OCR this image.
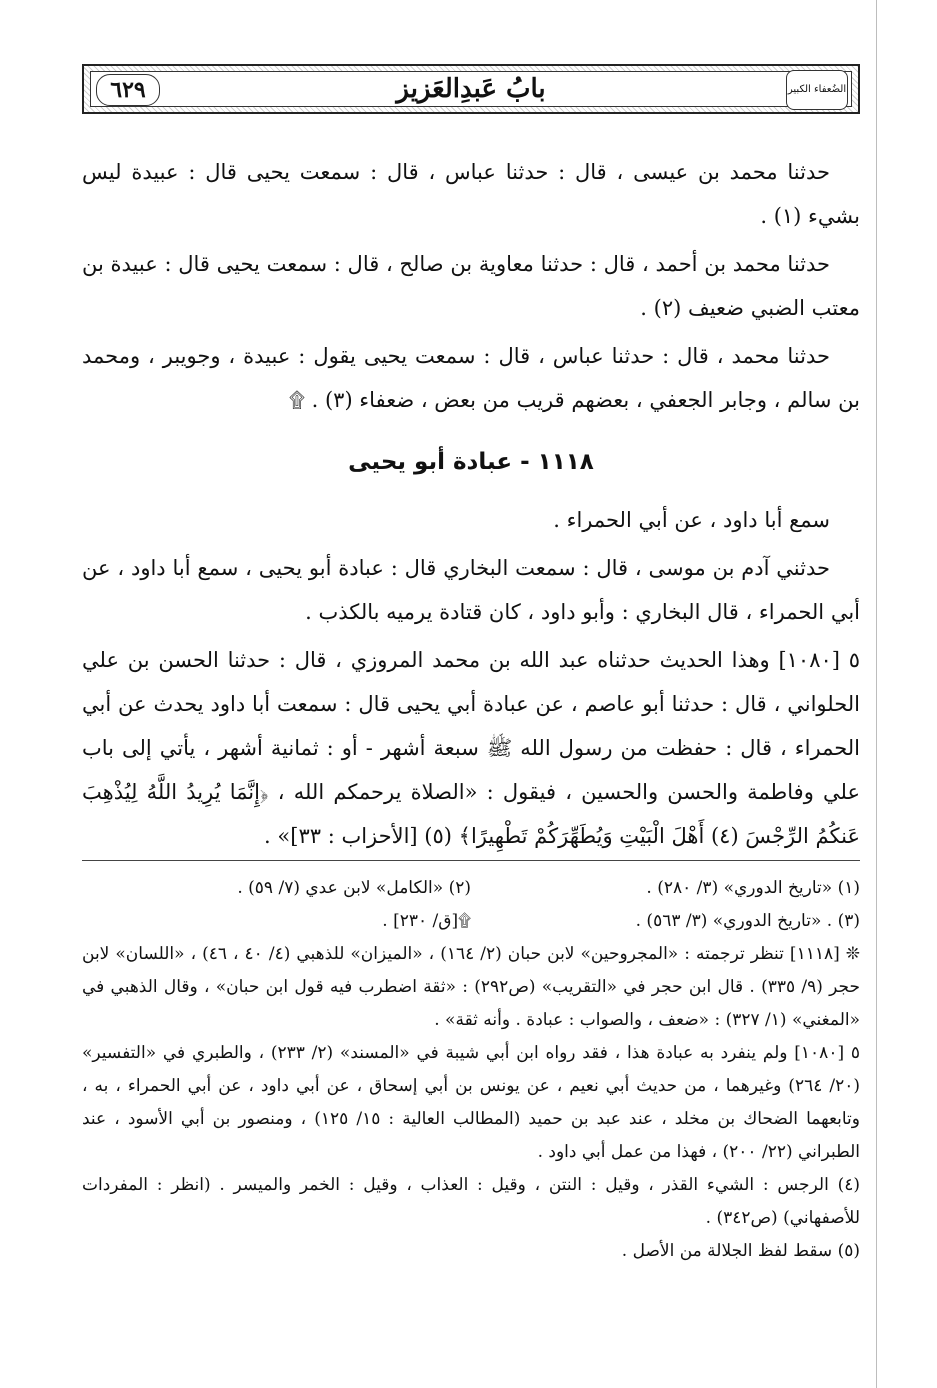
٦٢٩	بابُ عَبدِالعَزيز	الضُعفاء الكبير

حدثنا محمد بن عيسى ، قال : حدثنا عباس ، قال : سمعت يحيى قال : عبيدة ليس بشيء (١) .

حدثنا محمد بن أحمد ، قال : حدثنا معاوية بن صالح ، قال : سمعت يحيى قال : عبيدة بن معتب الضبي ضعيف (٢) .

حدثنا محمد ، قال : حدثنا عباس ، قال : سمعت يحيى يقول : عبيدة ، وجويبر ، ومحمد بن سالم ، وجابر الجعفي ، بعضهم قريب من بعض ، ضعفاء (٣) . ۩

١١١٨ - عبادة أبو يحيى

سمع أبا داود ، عن أبي الحمراء .

حدثني آدم بن موسى ، قال : سمعت البخاري قال : عبادة أبو يحيى ، سمع أبا داود ، عن أبي الحمراء ، قال البخاري : وأبو داود ، كان قتادة يرميه بالكذب .

٥ [١٠٨٠] وهذا الحديث حدثناه عبد الله بن محمد المروزي ، قال : حدثنا الحسن بن علي الحلواني ، قال : حدثنا أبو عاصم ، عن عبادة أبي يحيى قال : سمعت أبا داود يحدث عن أبي الحمراء ، قال : حفظت من رسول الله ﷺ سبعة أشهر - أو : ثمانية أشهر ، يأتي إلى باب علي وفاطمة والحسن والحسين ، فيقول : «الصلاة يرحمكم الله ، ﴿إِنَّمَا يُرِيدُ اللَّهُ لِيُذْهِبَ عَنكُمُ الرِّجْسَ (٤) أَهْلَ الْبَيْتِ وَيُطَهِّرَكُمْ تَطْهِيرًا﴾ (٥) [الأحزاب : ٣٣]» .

(١) «تاريخ الدوري» (٣/ ٢٨٠) .
(٢) «الكامل» لابن عدي (٧/ ٥٩) .
(٣) . «تاريخ الدوري» (٣/ ٥٦٣) .
۩[ق/ ٢٣٠] .

❊ [١١١٨] تنظر ترجمته : «المجروحين» لابن حبان (٢/ ١٦٤) ، «الميزان» للذهبي (٤/ ٤٠ ، ٤٦) ، «اللسان» لابن حجر (٩/ ٣٣٥) . قال ابن حجر في «التقريب» (ص٢٩٢) : «ثقة اضطرب فيه قول ابن حبان» ، وقال الذهبي في «المغني» (١/ ٣٢٧) : «ضعف ، والصواب : عبادة . وأنه ثقة» .

٥ [١٠٨٠] ولم ينفرد به عبادة هذا ، فقد رواه ابن أبي شيبة في «المسند» (٢/ ٢٣٣) ، والطبري في «التفسير» (٢٠/ ٢٦٤) وغيرهما ، من حديث أبي نعيم ، عن يونس بن أبي إسحاق ، عن أبي داود ، عن أبي الحمراء ، به ، وتابعهما الضحاك بن مخلد ، عند عبد بن حميد (المطالب العالية : ١٥/ ١٢٥) ، ومنصور بن أبي الأسود ، عند الطبراني (٢٢/ ٢٠٠) ، فهذا من عمل أبي داود .

(٤) الرجس : الشيء القذر ، وقيل : النتن ، وقيل : العذاب ، وقيل : الخمر والميسر . (انظر : المفردات للأصفهاني) (ص٣٤٢) .

(٥) سقط لفظ الجلالة من الأصل .
